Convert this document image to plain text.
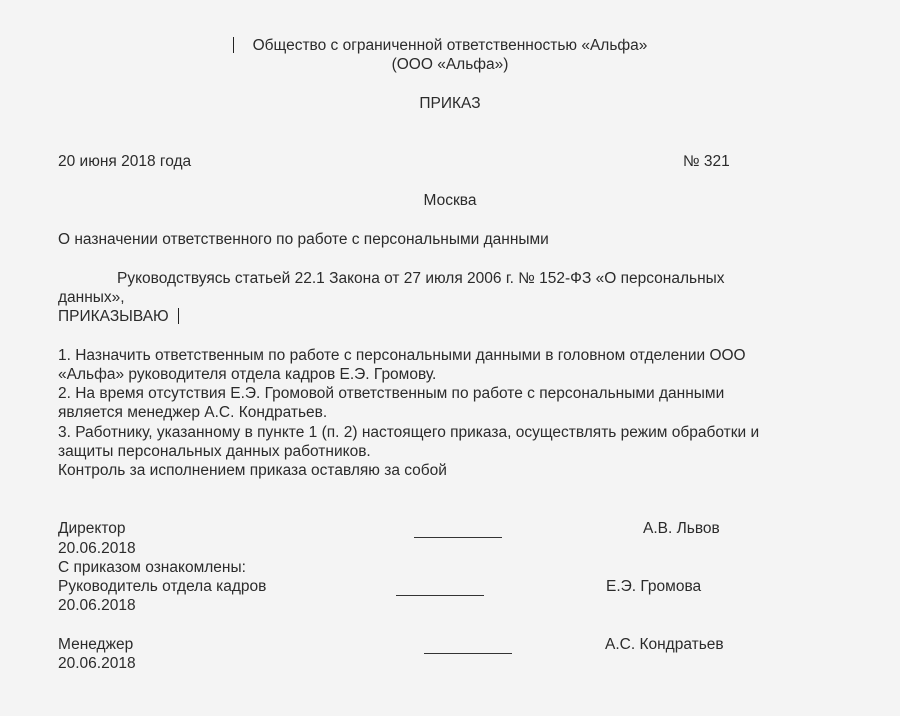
Общество с ограниченной ответственностью «Альфа»
(ООО «Альфа»)
ПРИКАЗ
20 июня 2018 года	№ 321
Москва
О назначении ответственного по работе с персональными данными
Руководствуясь статьей 22.1 Закона от 27 июля 2006 г. № 152-ФЗ «О персональных
данных»,
ПРИКАЗЫВАЮ
1. Назначить ответственным по работе с персональными данными в головном отделении ООО
«Альфа» руководителя отдела кадров Е.Э. Громову.
2. На время отсутствия Е.Э. Громовой ответственным по работе с персональными данными
является менеджер А.С. Кондратьев.
3. Работнику, указанному в пункте 1 (п. 2) настоящего приказа, осуществлять режим обработки и
защиты персональных данных работников.
Контроль за исполнением приказа оставляю за собой
Директор	А.В. Львов
20.06.2018
С приказом ознакомлены:
Руководитель отдела кадров	Е.Э. Громова
20.06.2018
Менеджер	А.С. Кондратьев
20.06.2018
